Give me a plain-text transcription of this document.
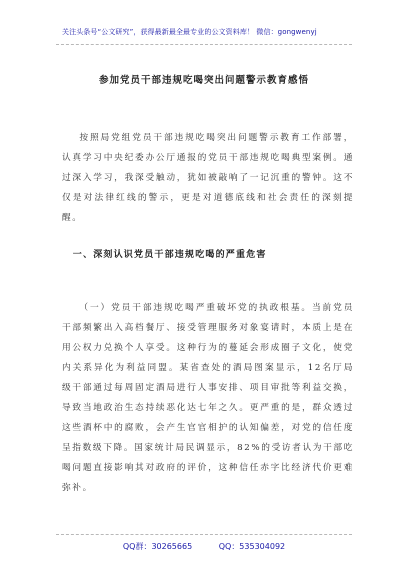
关注头条号“公文研究”，获得最新最全最专业的公文资料库！ 微信：gongwenyj
参加党员干部违规吃喝突出问题警示教育感悟
按照局党组党员干部违规吃喝突出问题警示教育工作部署，认真学习中央纪委办公厅通报的党员干部违规吃喝典型案例。通过深入学习，我深受触动，犹如被敲响了一记沉重的警钟。这不仅是对法律红线的警示，更是对道德底线和社会责任的深刻提醒。
一、深刻认识党员干部违规吃喝的严重危害
（一）党员干部违规吃喝严重破坏党的执政根基。当前党员干部频繁出入高档餐厅、接受管理服务对象宴请时，本质上是在用公权力兑换个人享受。这种行为的蔓延会形成圈子文化，使党内关系异化为利益同盟。某省查处的酒局图案显示，12名厅局级干部通过每周固定酒局进行人事安排、项目审批等利益交换，导致当地政治生态持续恶化达七年之久。更严重的是，群众透过这些酒杯中的腐败，会产生官官相护的认知偏差，对党的信任度呈指数级下降。国家统计局民调显示，82%的受访者认为干部吃喝问题直接影响其对政府的评价，这种信任赤字比经济代价更难弥补。
QQ群：30265665	QQ：535304092
